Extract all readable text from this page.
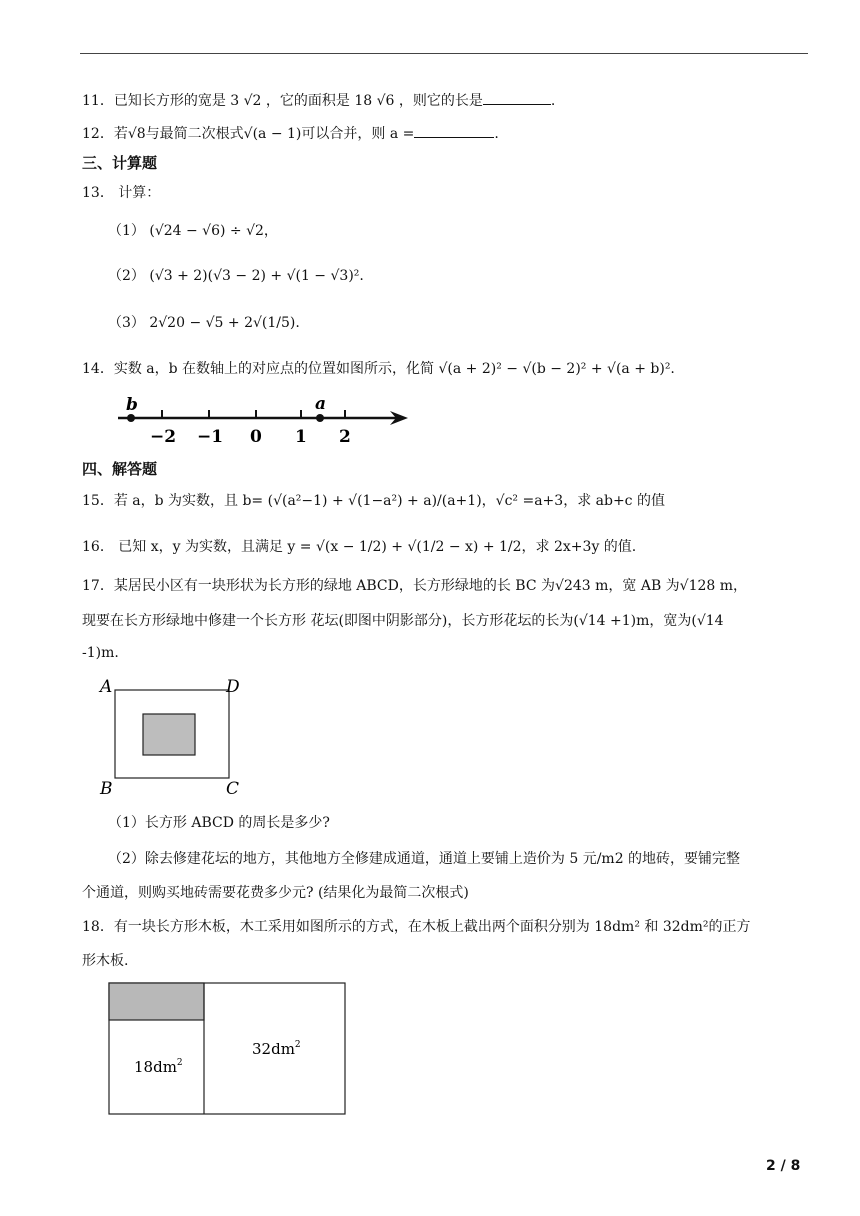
11．已知长方形的宽是 3 √2 ，它的面积是 18 √6 ，则它的长是	.
12．若√8与最简二次根式√(a − 1)可以合并，则 a =	.
三、计算题
13． 计算：
（1） (√24 − √6) ÷ √2，
（2） (√3 + 2)(√3 − 2) + √(1 − √3)².
（3） 2√20 − √5 + 2√(1/5).
14．实数 a，b 在数轴上的对应点的位置如图所示，化简 √(a + 2)² − √(b − 2)² + √(a + b)².
b	a
−2 −1 0 1 2
四、解答题
15．若 a，b 为实数，且 b= (√(a²−1) + √(1−a²) + a)/(a+1)，√c² =a+3，求 ab+c 的值
16． 已知 x，y 为实数，且满足 y = √(x − 1/2) + √(1/2 − x) + 1/2，求 2x+3y 的值.
17．某居民小区有一块形状为长方形的绿地 ABCD，长方形绿地的长 BC 为√243 m，宽 AB 为√128 m，
现要在长方形绿地中修建一个长方形 花坛(即图中阴影部分)，长方形花坛的长为(√14 +1)m，宽为(√14
-1)m.
A	D
B	C
（1）长方形 ABCD 的周长是多少?
（2）除去修建花坛的地方，其他地方全修建成通道，通道上要铺上造价为 5 元/m2 的地砖，要铺完整
个通道，则购买地砖需要花费多少元? (结果化为最简二次根式)
18．有一块长方形木板，木工采用如图所示的方式，在木板上截出两个面积分别为 18dm² 和 32dm²的正方
形木板.
$18dm^2$
$32dm^2$
2 / 8
